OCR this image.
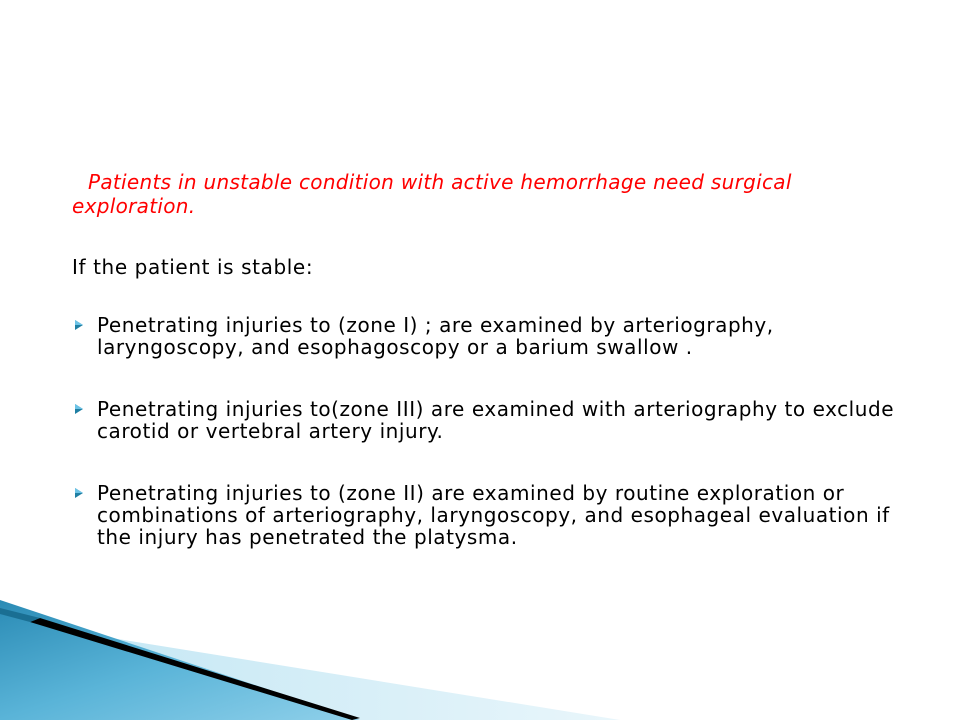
Patients in unstable condition with active hemorrhage need surgical exploration.
If the patient is stable:
Penetrating injuries to (zone I) ; are examined by arteriography, laryngoscopy, and esophagoscopy or a barium swallow .
Penetrating injuries to(zone III) are examined with arteriography to exclude carotid or vertebral artery injury.
Penetrating injuries to (zone II) are examined by routine exploration or combinations of arteriography, laryngoscopy, and esophageal evaluation if the injury has penetrated the platysma.
